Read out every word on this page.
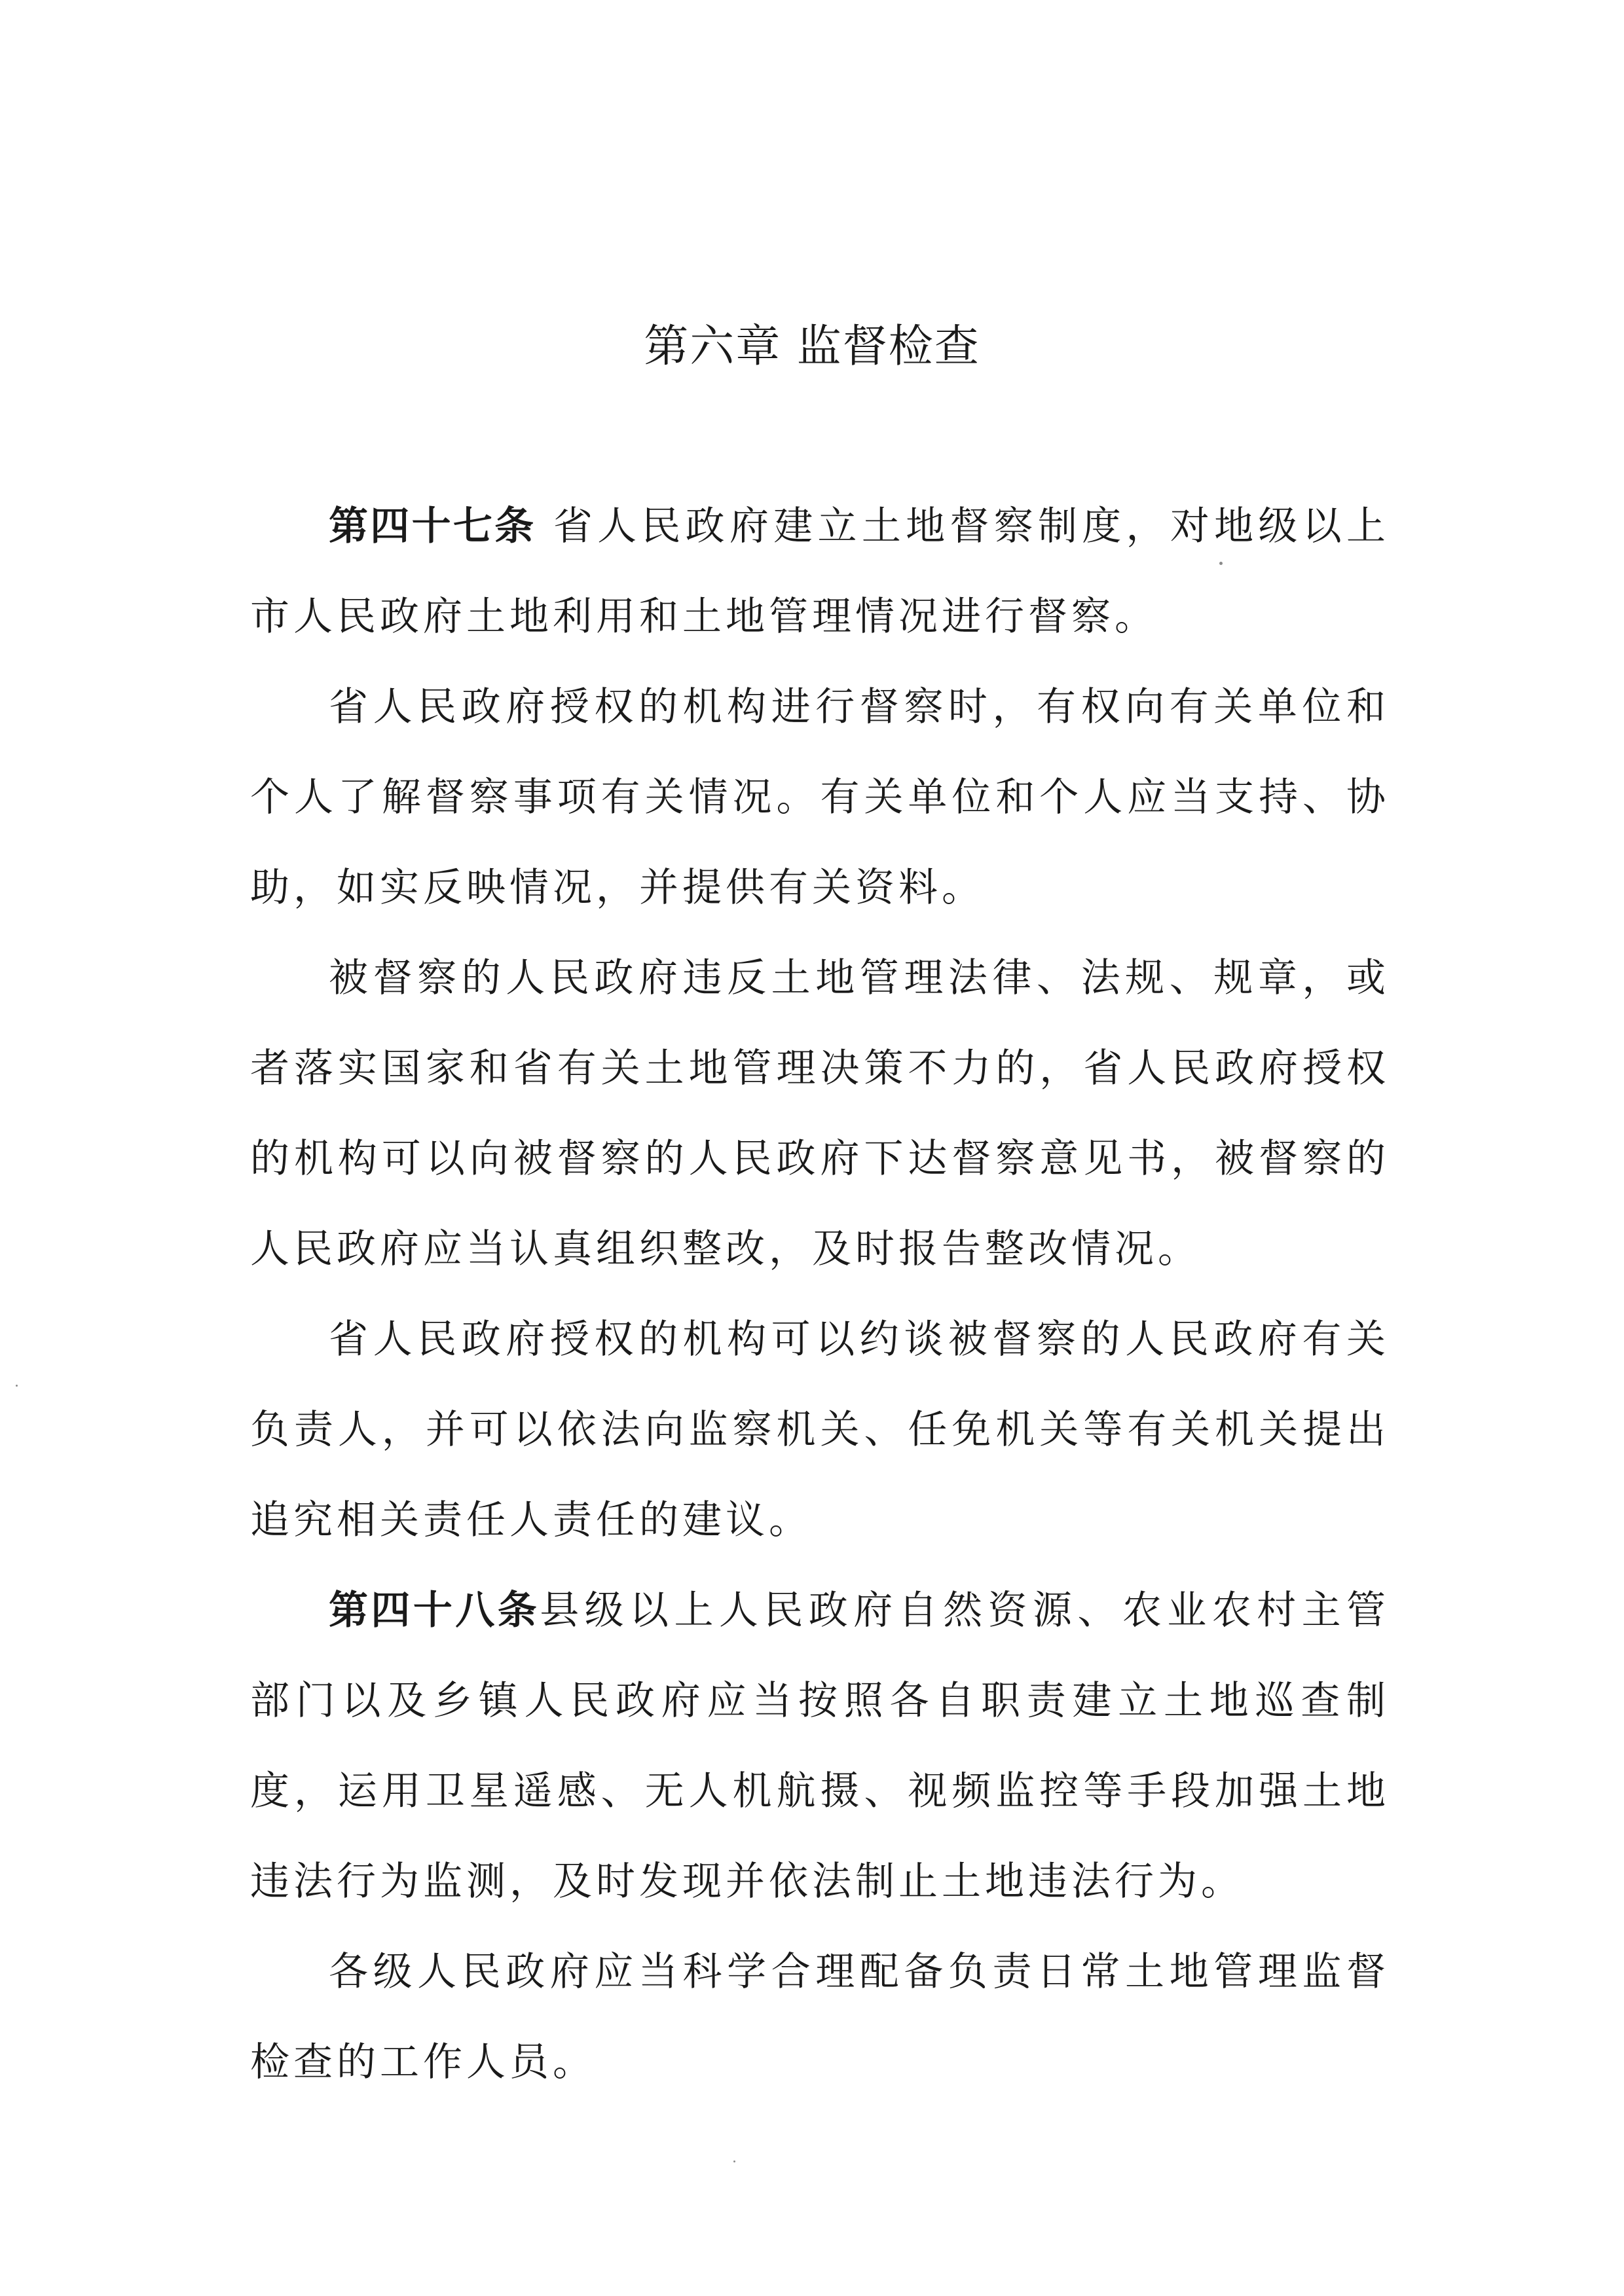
第六章 监督检查

第四十七条 省人民政府建立土地督察制度，对地级以上市人民政府土地利用和土地管理情况进行督察。

省人民政府授权的机构进行督察时，有权向有关单位和个人了解督察事项有关情况。有关单位和个人应当支持、协助，如实反映情况，并提供有关资料。

被督察的人民政府违反土地管理法律、法规、规章，或者落实国家和省有关土地管理决策不力的，省人民政府授权的机构可以向被督察的人民政府下达督察意见书，被督察的人民政府应当认真组织整改，及时报告整改情况。

省人民政府授权的机构可以约谈被督察的人民政府有关负责人，并可以依法向监察机关、任免机关等有关机关提出追究相关责任人责任的建议。

第四十八条县级以上人民政府自然资源、农业农村主管部门以及乡镇人民政府应当按照各自职责建立土地巡查制度，运用卫星遥感、无人机航摄、视频监控等手段加强土地违法行为监测，及时发现并依法制止土地违法行为。

各级人民政府应当科学合理配备负责日常土地管理监督检查的工作人员。
